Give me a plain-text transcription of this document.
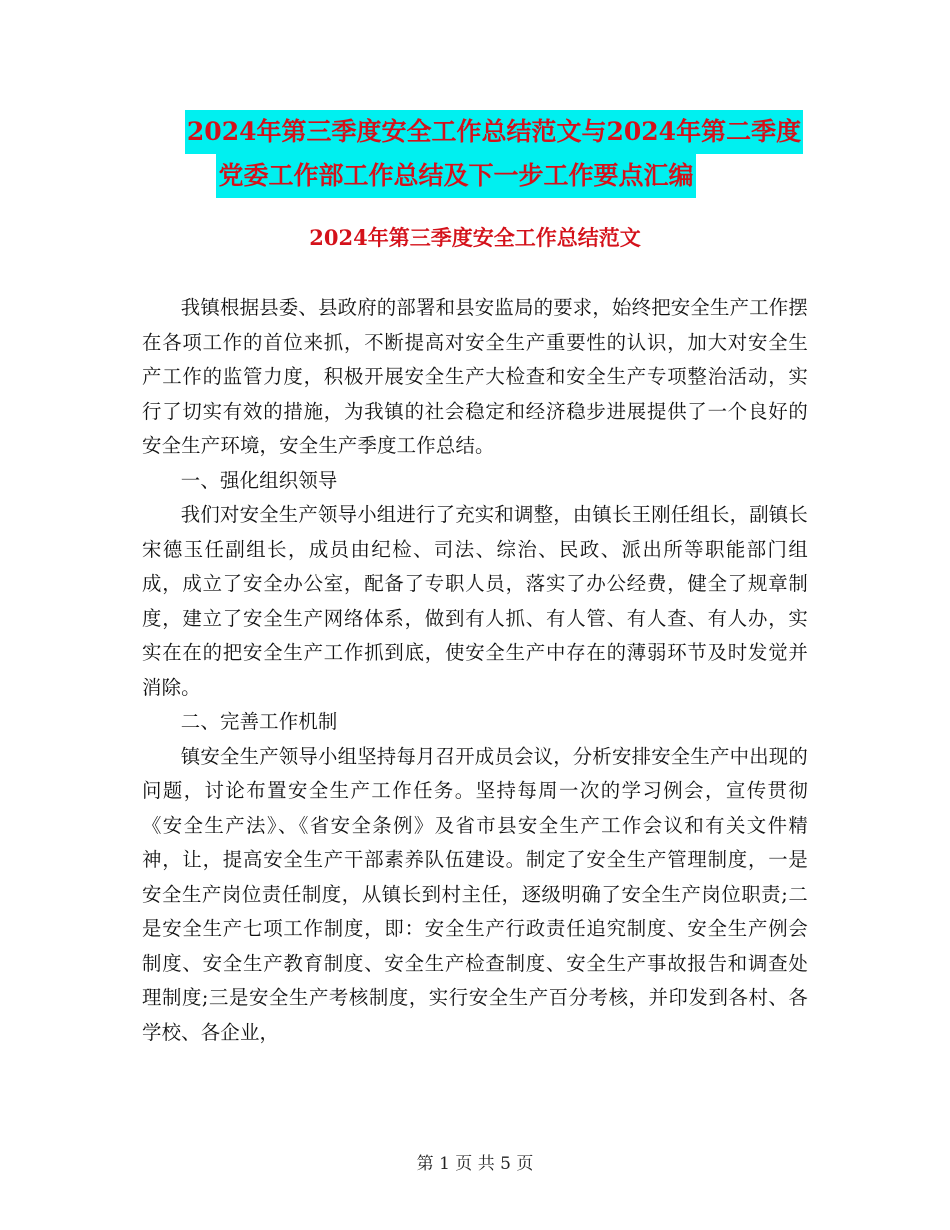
2024年第三季度安全工作总结范文与2024年第二季度
党委工作部工作总结及下一步工作要点汇编
2024年第三季度安全工作总结范文

我镇根据县委、县政府的部署和县安监局的要求，始终把安全生产工作摆在各项工作的首位来抓，不断提高对安全生产重要性的认识，加大对安全生产工作的监管力度，积极开展安全生产大检查和安全生产专项整治活动，实行了切实有效的措施，为我镇的社会稳定和经济稳步进展提供了一个良好的安全生产环境，安全生产季度工作总结。

一、强化组织领导

我们对安全生产领导小组进行了充实和调整，由镇长王刚任组长，副镇长宋德玉任副组长，成员由纪检、司法、综治、民政、派出所等职能部门组成，成立了安全办公室，配备了专职人员，落实了办公经费，健全了规章制度，建立了安全生产网络体系，做到有人抓、有人管、有人查、有人办，实实在在的把安全生产工作抓到底，使安全生产中存在的薄弱环节及时发觉并消除。

二、完善工作机制

镇安全生产领导小组坚持每月召开成员会议，分析安排安全生产中出现的问题，讨论布置安全生产工作任务。坚持每周一次的学习例会，宣传贯彻《安全生产法》、《省安全条例》及省市县安全生产工作会议和有关文件精神，让，提高安全生产干部素养队伍建设。制定了安全生产管理制度，一是安全生产岗位责任制度，从镇长到村主任，逐级明确了安全生产岗位职责;二是安全生产七项工作制度，即：安全生产行政责任追究制度、安全生产例会制度、安全生产教育制度、安全生产检查制度、安全生产事故报告和调查处理制度;三是安全生产考核制度，实行安全生产百分考核，并印发到各村、各学校、各企业，

第 1 页 共 5 页
